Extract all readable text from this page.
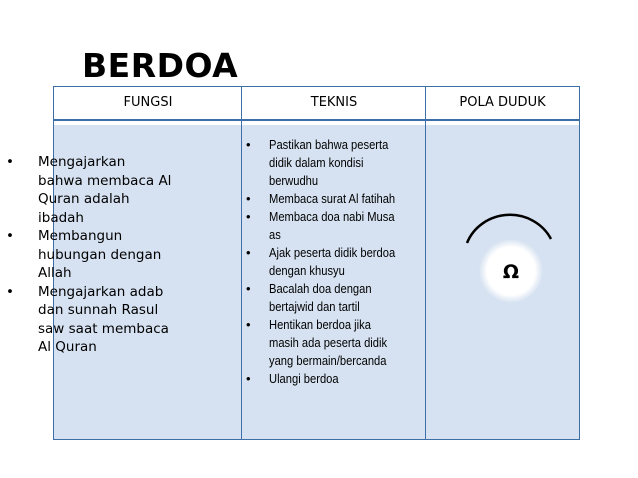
BERDOA
FUNGSI	TEKNIS	POLA DUDUK
• Mengajarkan
bahwa membaca Al
Quran adalah
ibadah
• Membangun
hubungan dengan
Allah
• Mengajarkan adab
dan sunnah Rasul
saw saat membaca
Al Quran
• Pastikan bahwa peserta
didik dalam kondisi
berwudhu
• Membaca surat Al fatihah
• Membaca doa nabi Musa
as
• Ajak peserta didik berdoa
dengan khusyu
• Bacalah doa dengan
bertajwid dan tartil
• Hentikan berdoa jika
masih ada peserta didik
yang bermain/bercanda
• Ulangi berdoa
Ω
